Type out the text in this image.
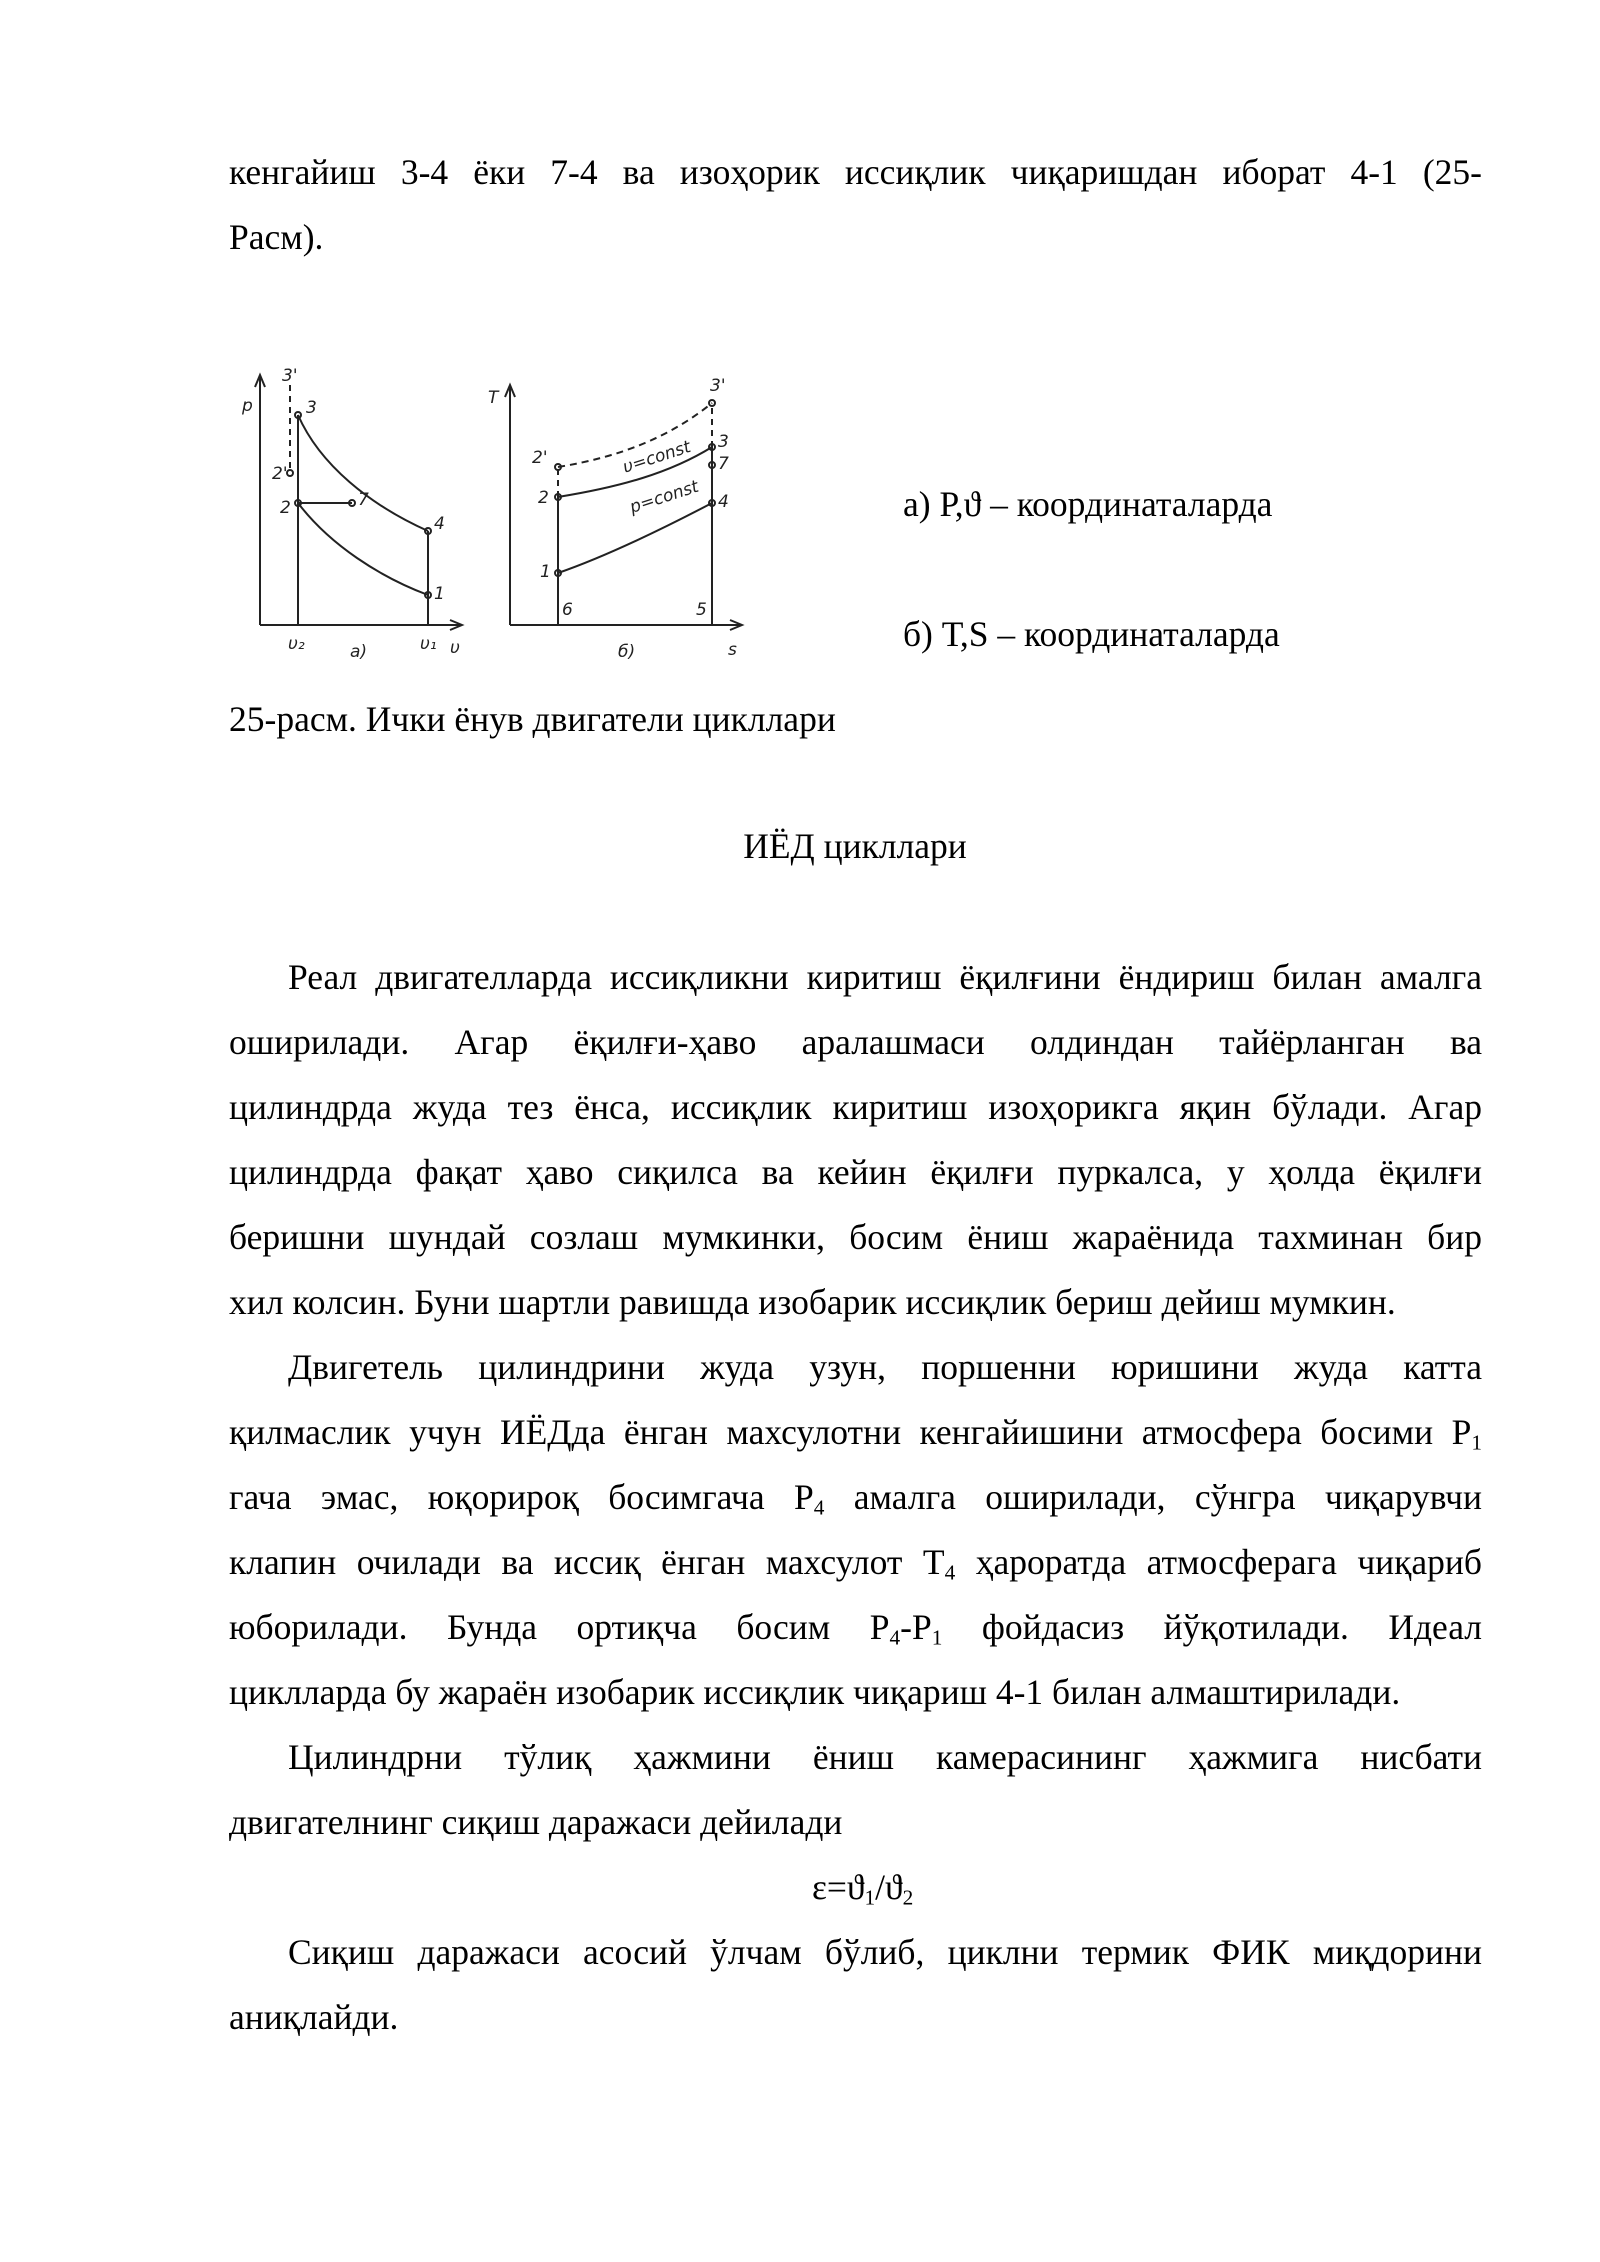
кенгайиш 3-4 ёки 7-4 ва изоҳорик иссиқлик чиқаришдан иборат 4-1 (25-
Расм).
p
υ
υ₂	υ₁
а)
3'
3
2'
2	7
4
1
T
s
б)
υ=const
p=const
3'
3
7
2'
2	4
1
6	5
а) Р,ϑ – координаталарда
б) Т,S – координаталарда
25-расм. Ички ёнув двигатели цикллари
ИЁД цикллари
Реал двигателларда иссиқликни киритиш ёқилғини ёндириш билан амалга
оширилади. Агар ёқилғи-ҳаво аралашмаси олдиндан тайёрланган ва
цилиндрда жуда тез ёнса, иссиқлик киритиш изоҳорикга яқин бўлади. Агар
цилиндрда фақат ҳаво сиқилса ва кейин ёқилғи пуркалса, у ҳолда ёқилғи
беришни шундай созлаш мумкинки, босим ёниш жараёнида тахминан бир
хил колсин. Буни шартли равишда изобарик иссиқлик бериш дейиш мумкин.
Двигетель цилиндрини жуда узун, поршенни юришини жуда катта
қилмаслик учун ИЁДда ёнган махсулотни кенгайишини атмосфера босими $Р_1$
гача эмас, юқорироқ босимгача $Р_4$ амалга оширилади, сўнгра чиқарувчи
клапин очилади ва иссиқ ёнган махсулот $Т_4$ ҳароратда атмосферага чиқариб
юборилади. Бунда ортиқча босим $Р_4-Р_1$ фойдасиз йўқотилади. Идеал
циклларда бу жараён изобарик иссиқлик чиқариш 4-1 билан алмаштирилади.
Цилиндрни тўлиқ ҳажмини ёниш камерасининг ҳажмига нисбати
двигателнинг сиқиш даражаси дейилади
$\varepsilon=ϑ_1/ϑ_2$
Сиқиш даражаси асосий ўлчам бўлиб, циклни термик ФИК миқдорини
аниқлайди.
